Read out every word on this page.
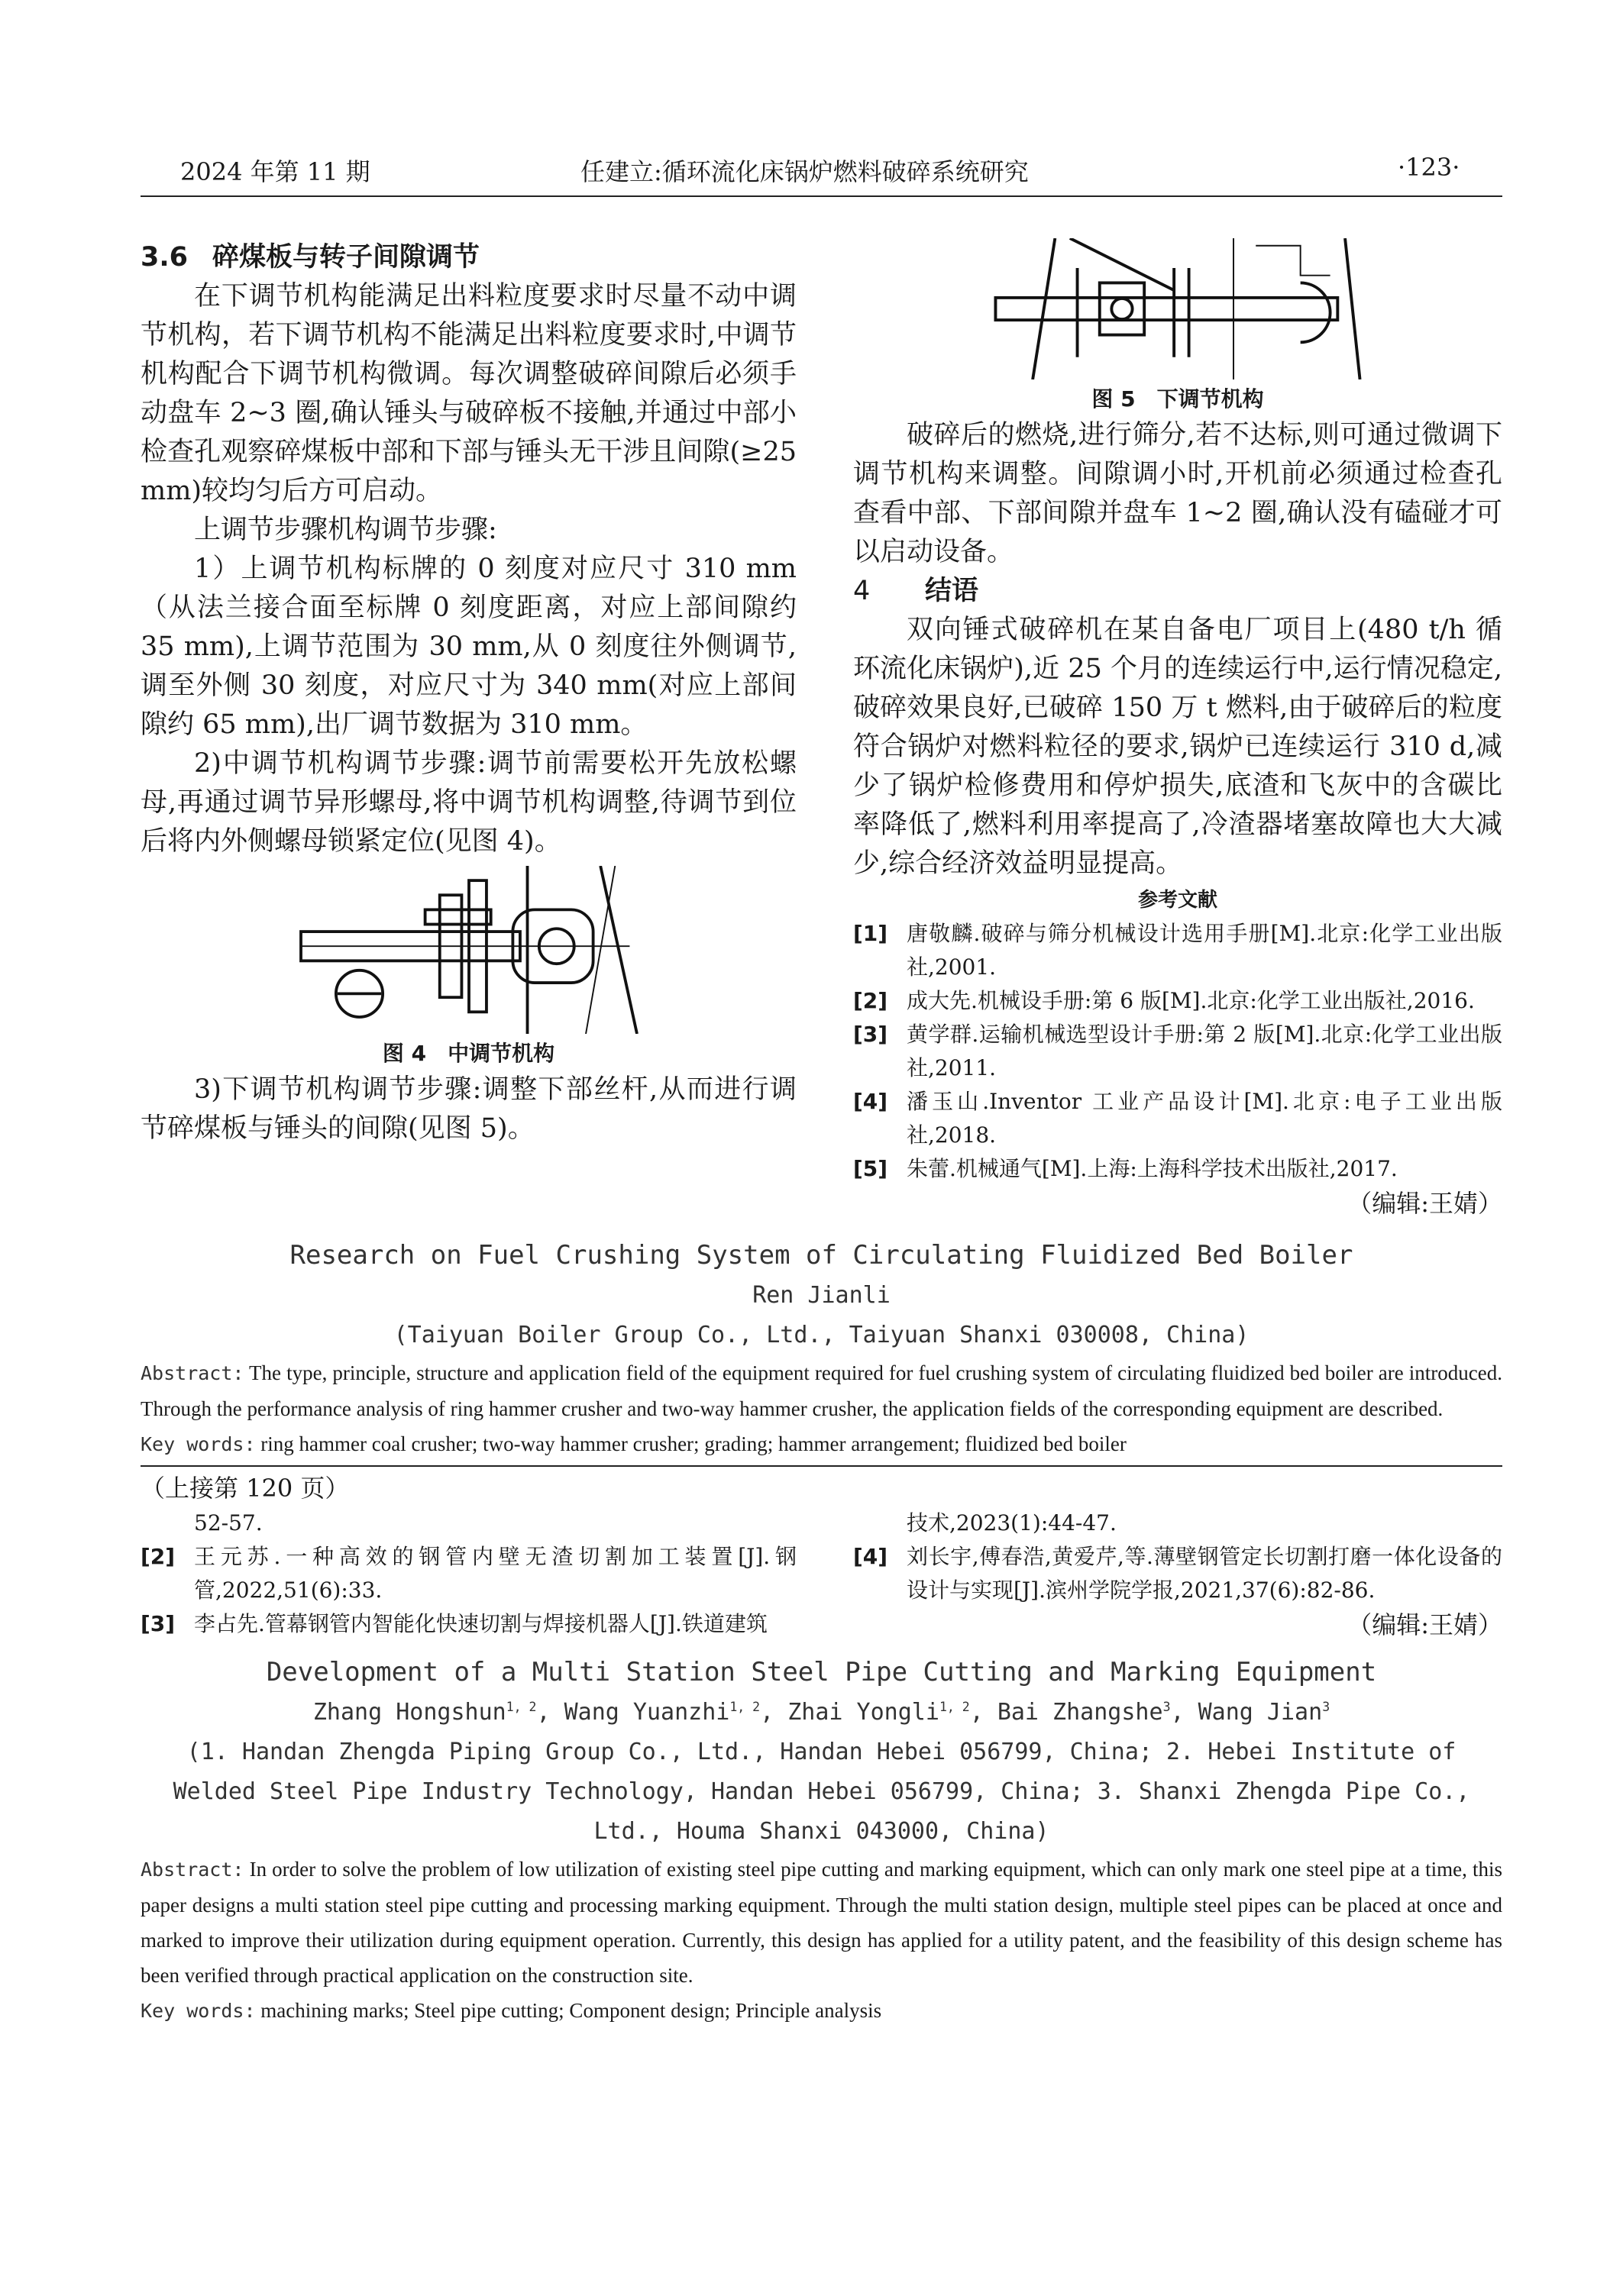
2024 年第 11 期	任建立:循环流化床锅炉燃料破碎系统研究	·123·
3.6 碎煤板与转子间隙调节

在下调节机构能满足出料粒度要求时尽量不动中调节机构，若下调节机构不能满足出料粒度要求时,中调节机构配合下调节机构微调。每次调整破碎间隙后必须手动盘车 2~3 圈,确认锤头与破碎板不接触,并通过中部小检查孔观察碎煤板中部和下部与锤头无干涉且间隙(≥25 mm)较均匀后方可启动。

上调节步骤机构调节步骤:

1）上调节机构标牌的 0 刻度对应尺寸 310 mm（从法兰接合面至标牌 0 刻度距离，对应上部间隙约 35 mm),上调节范围为 30 mm,从 0 刻度往外侧调节,调至外侧 30 刻度，对应尺寸为 340 mm(对应上部间隙约 65 mm),出厂调节数据为 310 mm。

2)中调节机构调节步骤:调节前需要松开先放松螺母,再通过调节异形螺母,将中调节机构调整,待调节到位后将内外侧螺母锁紧定位(见图 4)。

图 4　中调节机构

3)下调节机构调节步骤:调整下部丝杆,从而进行调节碎煤板与锤头的间隙(见图 5)。

图 5　下调节机构

破碎后的燃烧,进行筛分,若不达标,则可通过微调下调节机构来调整。间隙调小时,开机前必须通过检查孔查看中部、下部间隙并盘车 1~2 圈,确认没有磕碰才可以启动设备。

4 结语

双向锤式破碎机在某自备电厂项目上(480 t/h 循环流化床锅炉),近 25 个月的连续运行中,运行情况稳定,破碎效果良好,已破碎 150 万 t 燃料,由于破碎后的粒度符合锅炉对燃料粒径的要求,锅炉已连续运行 310 d,减少了锅炉检修费用和停炉损失,底渣和飞灰中的含碳比率降低了,燃料利用率提高了,冷渣器堵塞故障也大大减少,综合经济效益明显提高。

参考文献
[1] 唐敬麟.破碎与筛分机械设计选用手册[M].北京:化学工业出版社,2001.
[2] 成大先.机械设手册:第 6 版[M].北京:化学工业出版社,2016.
[3] 黄学群.运输机械选型设计手册:第 2 版[M].北京:化学工业出版社,2011.
[4] 潘玉山.Inventor 工业产品设计[M].北京:电子工业出版社,2018.
[5] 朱蕾.机械通气[M].上海:上海科学技术出版社,2017.
（编辑:王婧）
Research on Fuel Crushing System of Circulating Fluidized Bed Boiler
Ren Jianli
(Taiyuan Boiler Group Co., Ltd., Taiyuan Shanxi 030008, China)
Abstract: The type, principle, structure and application field of the equipment required for fuel crushing system of circulating fluidized bed boiler are introduced. Through the performance analysis of ring hammer crusher and two-way hammer crusher, the application fields of the corresponding equipment are described.
Key words: ring hammer coal crusher; two-way hammer crusher; grading; hammer arrangement; fluidized bed boiler
（上接第 120 页）
52-57.
[2] 王元苏.一种高效的钢管内壁无渣切割加工装置[J].钢管,2022,51(6):33.
[3] 李占先.管幕钢管内智能化快速切割与焊接机器人[J].铁道建筑
技术,2023(1):44-47.
[4] 刘长宇,傅春浩,黄爱芹,等.薄壁钢管定长切割打磨一体化设备的设计与实现[J].滨州学院学报,2021,37(6):82-86.
（编辑:王婧）
Development of a Multi Station Steel Pipe Cutting and Marking Equipment
Zhang Hongshun$^{1, 2}$, Wang Yuanzhi$^{1, 2}$, Zhai Yongli$^{1, 2}$, Bai Zhangshe$^3$, Wang Jian$^3$
(1. Handan Zhengda Piping Group Co., Ltd., Handan Hebei 056799, China; 2. Hebei Institute of Welded Steel Pipe Industry Technology, Handan Hebei 056799, China; 3. Shanxi Zhengda Pipe Co., Ltd., Houma Shanxi 043000, China)
Abstract: In order to solve the problem of low utilization of existing steel pipe cutting and marking equipment, which can only mark one steel pipe at a time, this paper designs a multi station steel pipe cutting and processing marking equipment. Through the multi station design, multiple steel pipes can be placed at once and marked to improve their utilization during equipment operation. Currently, this design has applied for a utility patent, and the feasibility of this design scheme has been verified through practical application on the construction site.
Key words: machining marks; Steel pipe cutting; Component design; Principle analysis
